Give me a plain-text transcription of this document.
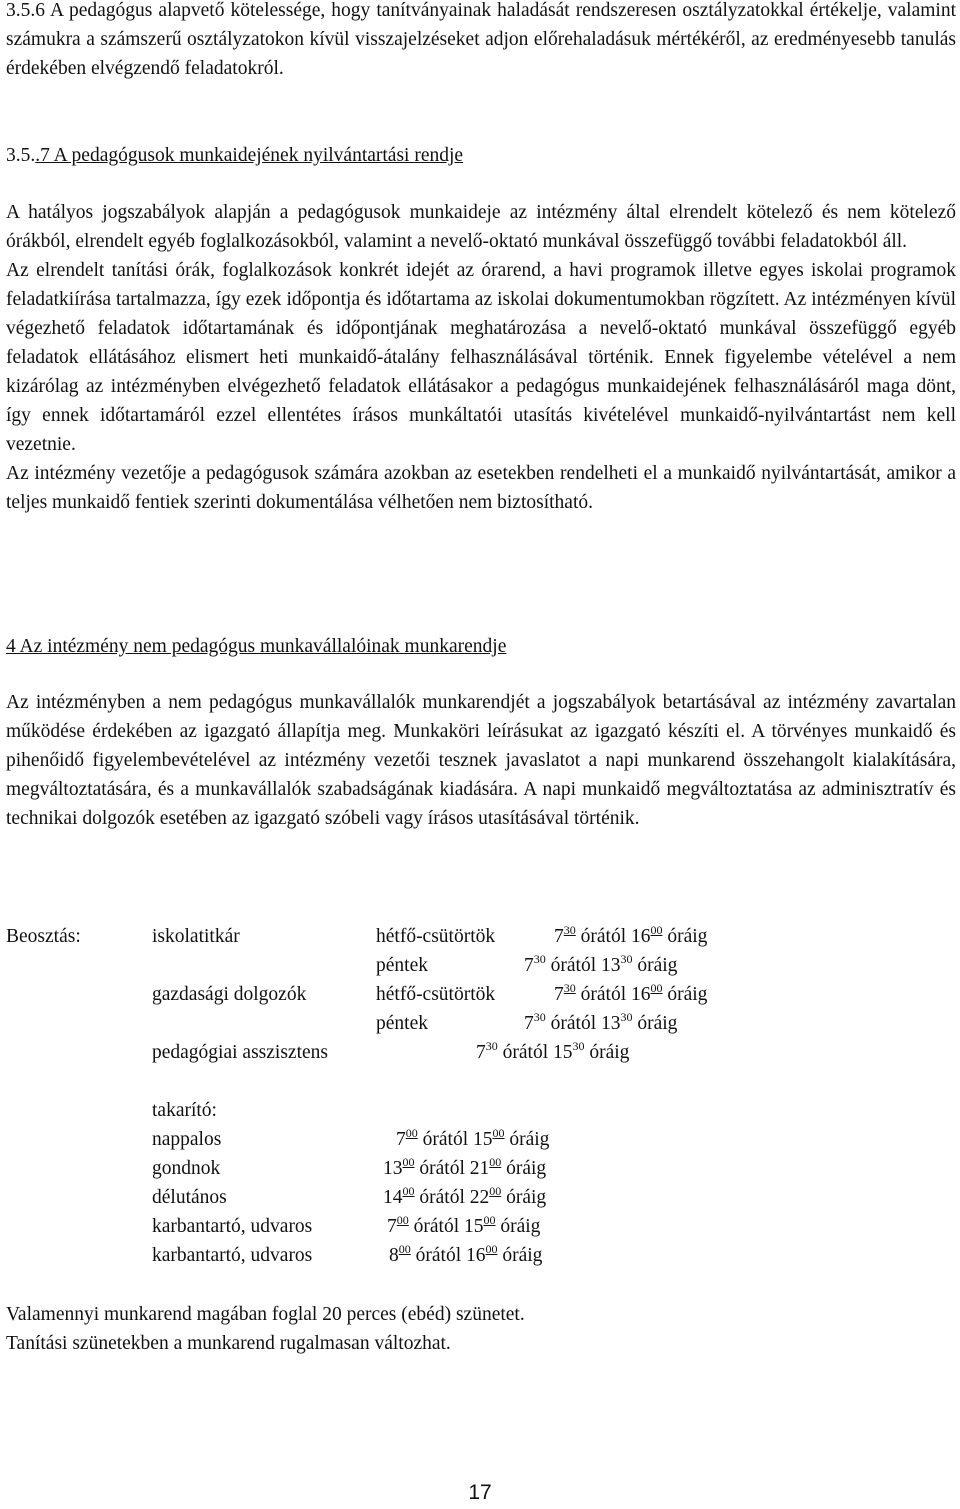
3.5.6 A pedagógus alapvető kötelessége, hogy tanítványainak haladását rendszeresen osztályzatokkal értékelje, valamint számukra a számszerű osztályzatokon kívül visszajelzéseket adjon előrehaladásuk mértékéről, az eredményesebb tanulás érdekében elvégzendő feladatokról.

3.5..7 A pedagógusok munkaidejének nyilvántartási rendje

A hatályos jogszabályok alapján a pedagógusok munkaideje az intézmény által elrendelt kötelező és nem kötelező órákból, elrendelt egyéb foglalkozásokból, valamint a nevelő-oktató munkával összefüggő további feladatokból áll.

Az elrendelt tanítási órák, foglalkozások konkrét idejét az órarend, a havi programok illetve egyes iskolai programok feladatkiírása tartalmazza, így ezek időpontja és időtartama az iskolai dokumentumokban rögzített. Az intézményen kívül végezhető feladatok időtartamának és időpontjának meghatározása a nevelő-oktató munkával összefüggő egyéb feladatok ellátásához elismert heti munkaidő-átalány felhasználásával történik. Ennek figyelembe vételével a nem kizárólag az intézményben elvégezhető feladatok ellátásakor a pedagógus munkaidejének felhasználásáról maga dönt, így ennek időtartamáról ezzel ellentétes írásos munkáltatói utasítás kivételével munkaidő-nyilvántartást nem kell vezetnie.

Az intézmény vezetője a pedagógusok számára azokban az esetekben rendelheti el a munkaidő nyilvántartását, amikor a teljes munkaidő fentiek szerinti dokumentálása vélhetően nem biztosítható.

4 Az intézmény nem pedagógus munkavállalóinak munkarendje

Az intézményben a nem pedagógus munkavállalók munkarendjét a jogszabályok betartásával az intézmény zavartalan működése érdekében az igazgató állapítja meg. Munkaköri leírásukat az igazgató készíti el. A törvényes munkaidő és pihenőidő figyelembevételével az intézmény vezetői tesznek javaslatot a napi munkarend összehangolt kialakítására, megváltoztatására, és a munkavállalók szabadságának kiadására. A napi munkaidő megváltoztatása az adminisztratív és technikai dolgozók esetében az igazgató szóbeli vagy írásos utasításával történik.

Beosztás:	iskolatitkár	hétfő-csütörtök	$7^{30}$ órától $16^{00}$ óráig
péntek	$7^{30}$ órától $13^{30}$ óráig
gazdasági dolgozók	hétfő-csütörtök	$7^{30}$ órától $16^{00}$ óráig
péntek	$7^{30}$ órától $13^{30}$ óráig
pedagógiai asszisztens	$7^{30}$ órától $15^{30}$ óráig
takarító:
nappalos	$7^{00}$ órától $15^{00}$ óráig
gondnok	$13^{00}$ órától $21^{00}$ óráig
délutános	$14^{00}$ órától $22^{00}$ óráig
karbantartó, udvaros	$7^{00}$ órától $15^{00}$ óráig
karbantartó, udvaros	$8^{00}$ órától $16^{00}$ óráig
Valamennyi munkarend magában foglal 20 perces (ebéd) szünetet.
Tanítási szünetekben a munkarend rugalmasan változhat.
17
